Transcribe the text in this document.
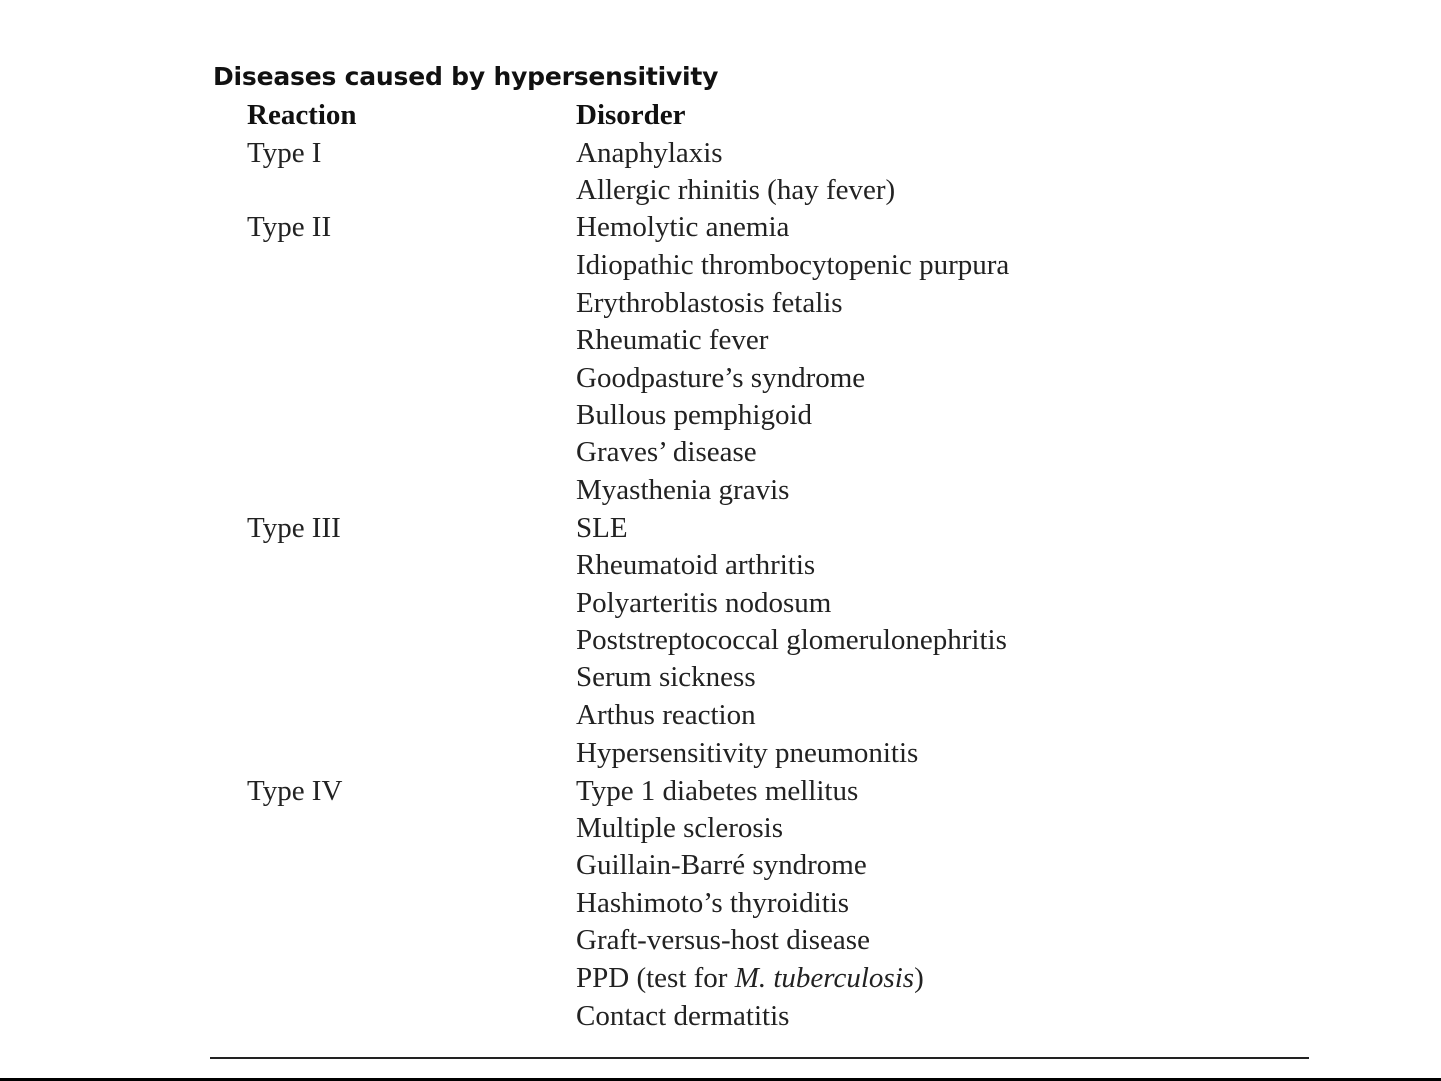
Diseases caused by hypersensitivity
Reaction	Disorder
Type I
Type II
Type III
Type IV
Anaphylaxis
Allergic rhinitis (hay fever)
Hemolytic anemia
Idiopathic thrombocytopenic purpura
Erythroblastosis fetalis
Rheumatic fever
Goodpasture’s syndrome
Bullous pemphigoid
Graves’ disease
Myasthenia gravis
SLE
Rheumatoid arthritis
Polyarteritis nodosum
Poststreptococcal glomerulonephritis
Serum sickness
Arthus reaction
Hypersensitivity pneumonitis
Type 1 diabetes mellitus
Multiple sclerosis
Guillain-Barré syndrome
Hashimoto’s thyroiditis
Graft-versus-host disease
PPD (test for M. tuberculosis)
Contact dermatitis
